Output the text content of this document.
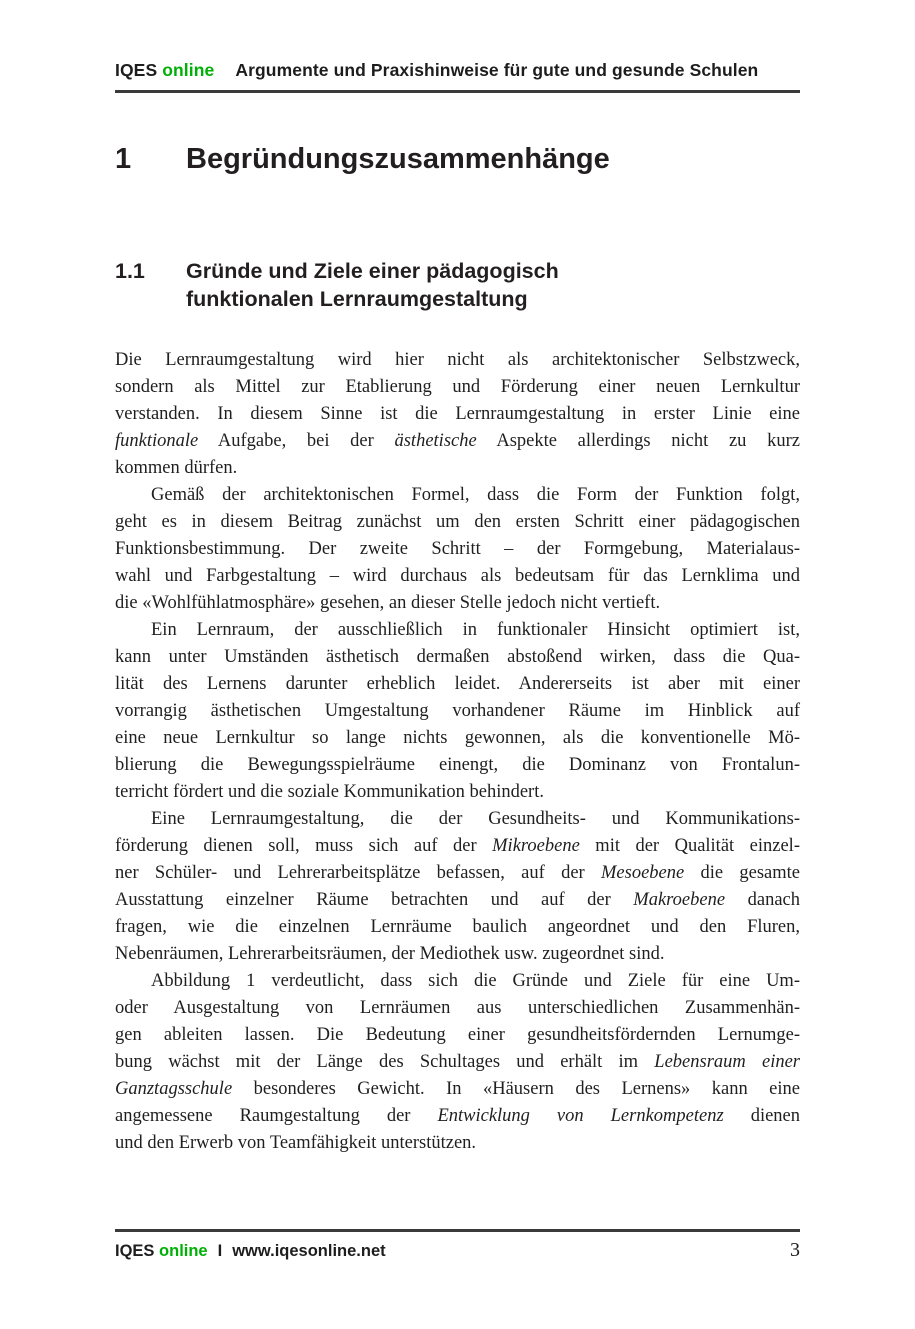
IQES online Argumente und Praxishinweise für gute und gesunde Schulen
1	Begründungszusammenhänge
1.1	Gründe und Ziele einer pädagogisch
funktionalen Lernraumgestaltung
Die Lernraumgestaltung wird hier nicht als architektonischer Selbstzweck,
sondern als Mittel zur Etablierung und Förderung einer neuen Lernkultur
verstanden. In diesem Sinne ist die Lernraumgestaltung in erster Linie eine
funktionale Aufgabe, bei der ästhetische Aspekte allerdings nicht zu kurz
kommen dürfen.
Gemäß der architektonischen Formel, dass die Form der Funktion folgt,
geht es in diesem Beitrag zunächst um den ersten Schritt einer pädagogischen
Funktionsbestimmung. Der zweite Schritt – der Formgebung, Materialaus-
wahl und Farbgestaltung – wird durchaus als bedeutsam für das Lernklima und
die «Wohlfühlatmosphäre» gesehen, an dieser Stelle jedoch nicht vertieft.
Ein Lernraum, der ausschließlich in funktionaler Hinsicht optimiert ist,
kann unter Umständen ästhetisch dermaßen abstoßend wirken, dass die Qua-
lität des Lernens darunter erheblich leidet. Andererseits ist aber mit einer
vorrangig ästhetischen Umgestaltung vorhandener Räume im Hinblick auf
eine neue Lernkultur so lange nichts gewonnen, als die konventionelle Mö-
blierung die Bewegungsspielräume einengt, die Dominanz von Frontalun-
terricht fördert und die soziale Kommunikation behindert.
Eine Lernraumgestaltung, die der Gesundheits- und Kommunikations-
förderung dienen soll, muss sich auf der Mikroebene mit der Qualität einzel-
ner Schüler- und Lehrerarbeitsplätze befassen, auf der Mesoebene die gesamte
Ausstattung einzelner Räume betrachten und auf der Makroebene danach
fragen, wie die einzelnen Lernräume baulich angeordnet und den Fluren,
Nebenräumen, Lehrerarbeitsräumen, der Mediothek usw. zugeordnet sind.
Abbildung 1 verdeutlicht, dass sich die Gründe und Ziele für eine Um-
oder Ausgestaltung von Lernräumen aus unterschiedlichen Zusammenhän-
gen ableiten lassen. Die Bedeutung einer gesundheitsfördernden Lernumge-
bung wächst mit der Länge des Schultages und erhält im Lebensraum einer
Ganztagsschule besonderes Gewicht. In «Häusern des Lernens» kann eine
angemessene Raumgestaltung der Entwicklung von Lernkompetenz dienen
und den Erwerb von Teamfähigkeit unterstützen.
IQES online I www.iqesonline.net	3
